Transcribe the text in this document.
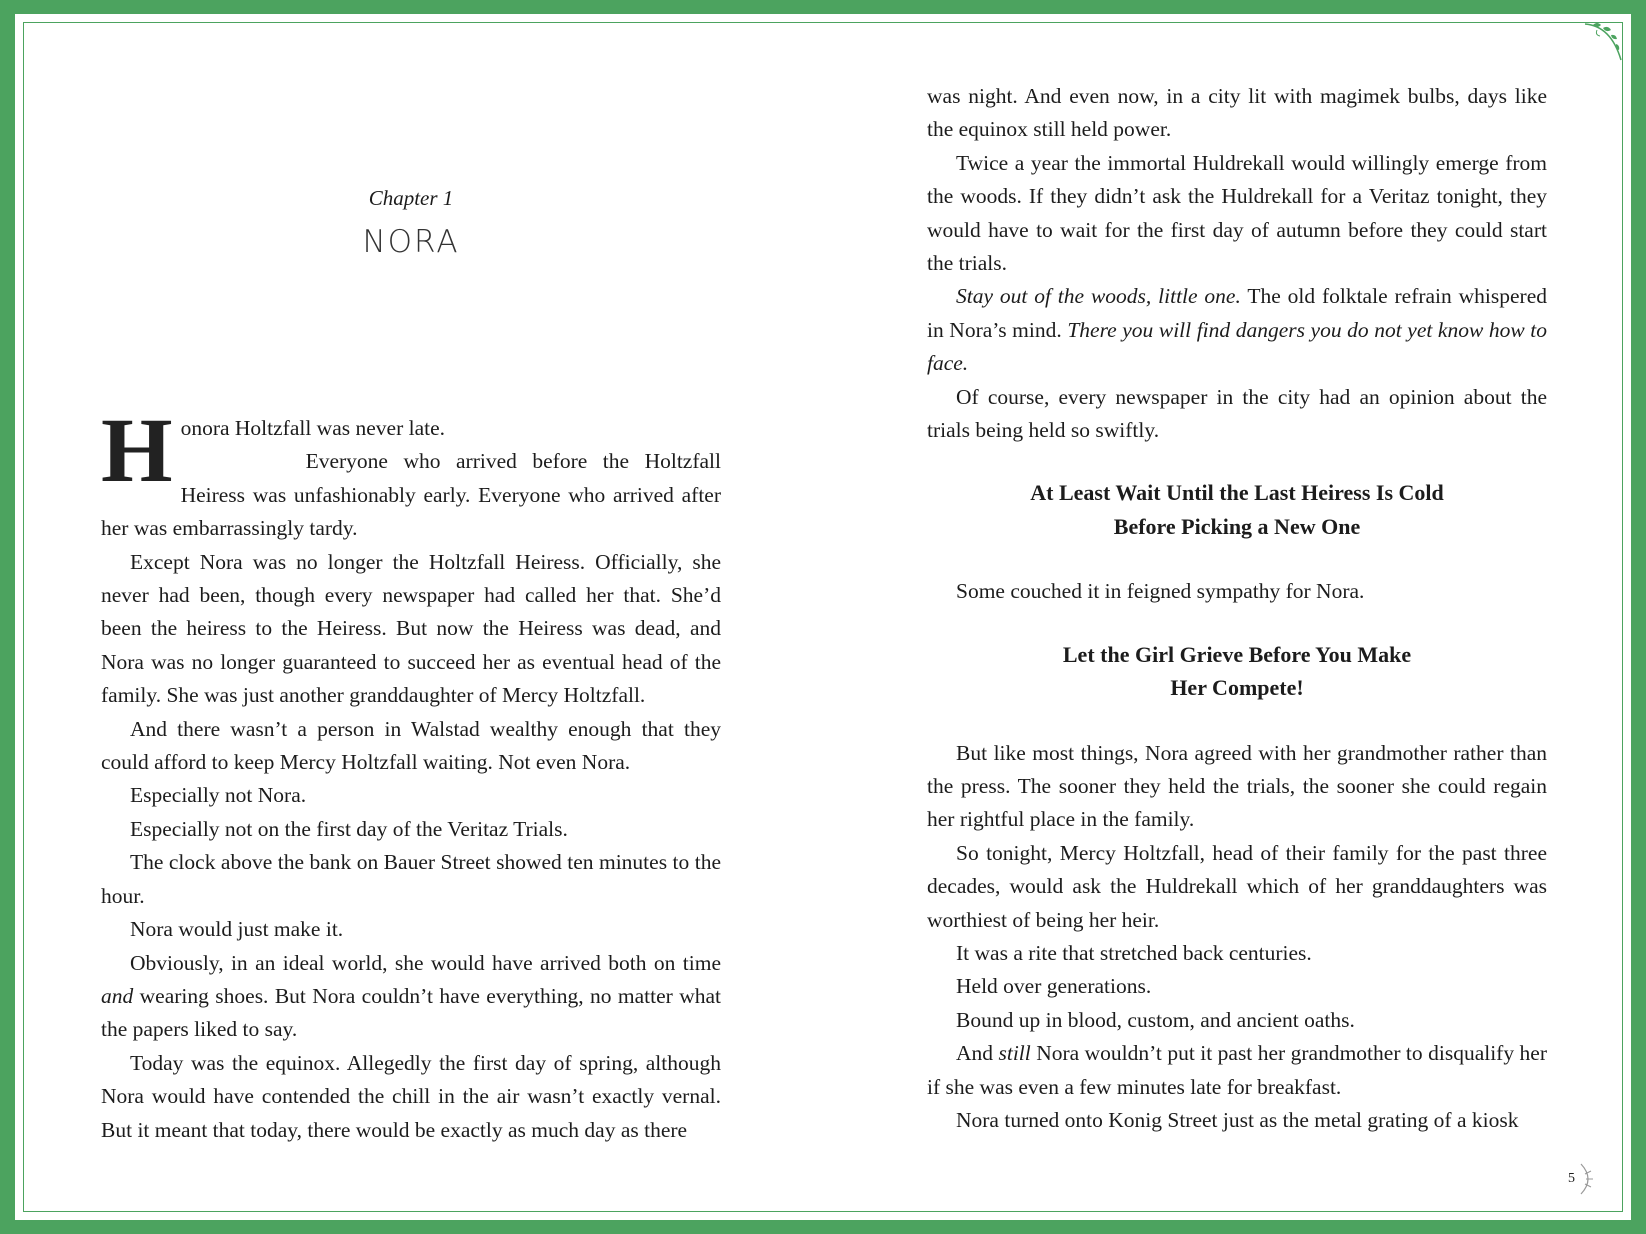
Chapter 1
NORA

Honora Holtzfall was never late.

Everyone who arrived before the Holtzfall Heiress was unfashionably early. Everyone who arrived after her was embarrassingly tardy.

Except Nora was no longer the Holtzfall Heiress. Officially, she never had been, though every newspaper had called her that. She’d been the heiress to the Heiress. But now the Heiress was dead, and Nora was no longer guaranteed to succeed her as eventual head of the family. She was just another granddaughter of Mercy Holtzfall.

And there wasn’t a person in Walstad wealthy enough that they could afford to keep Mercy Holtzfall waiting. Not even Nora.

Especially not Nora.

Especially not on the first day of the Veritaz Trials.

The clock above the bank on Bauer Street showed ten minutes to the hour.

Nora would just make it.

Obviously, in an ideal world, she would have arrived both on time and wearing shoes. But Nora couldn’t have everything, no matter what the papers liked to say.

Today was the equinox. Allegedly the first day of spring, although Nora would have contended the chill in the air wasn’t exactly vernal. But it meant that today, there would be exactly as much day as there

was night. And even now, in a city lit with magimek bulbs, days like the equinox still held power.

Twice a year the immortal Huldrekall would willingly emerge from the woods. If they didn’t ask the Huldrekall for a Veritaz tonight, they would have to wait for the first day of autumn before they could start the trials.

Stay out of the woods, little one. The old folktale refrain whispered in Nora’s mind. There you will find dangers you do not yet know how to face.

Of course, every newspaper in the city had an opinion about the trials being held so swiftly.

At Least Wait Until the Last Heiress Is Cold
Before Picking a New One

Some couched it in feigned sympathy for Nora.

Let the Girl Grieve Before You Make
Her Compete!

But like most things, Nora agreed with her grandmother rather than the press. The sooner they held the trials, the sooner she could regain her rightful place in the family.

So tonight, Mercy Holtzfall, head of their family for the past three decades, would ask the Huldrekall which of her granddaughters was worthiest of being her heir.

It was a rite that stretched back centuries.

Held over generations.

Bound up in blood, custom, and ancient oaths.

And still Nora wouldn’t put it past her grandmother to disqualify her if she was even a few minutes late for breakfast.

Nora turned onto Konig Street just as the metal grating of a kiosk

5
